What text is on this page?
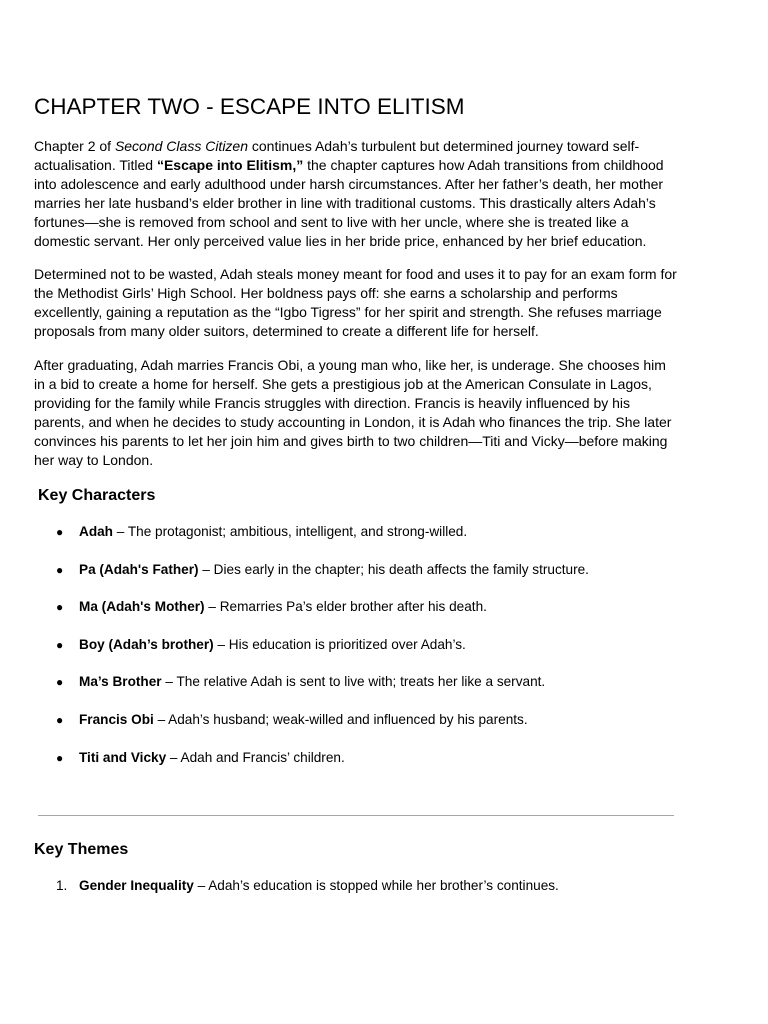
CHAPTER TWO - ESCAPE INTO ELITISM

Chapter 2 of Second Class Citizen continues Adah’s turbulent but determined journey toward self-actualisation. Titled “Escape into Elitism,” the chapter captures how Adah transitions from childhood into adolescence and early adulthood under harsh circumstances. After her father’s death, her mother marries her late husband’s elder brother in line with traditional customs. This drastically alters Adah’s fortunes—she is removed from school and sent to live with her uncle, where she is treated like a domestic servant. Her only perceived value lies in her bride price, enhanced by her brief education.

Determined not to be wasted, Adah steals money meant for food and uses it to pay for an exam form for the Methodist Girls’ High School. Her boldness pays off: she earns a scholarship and performs excellently, gaining a reputation as the “Igbo Tigress” for her spirit and strength. She refuses marriage proposals from many older suitors, determined to create a different life for herself.

After graduating, Adah marries Francis Obi, a young man who, like her, is underage. She chooses him in a bid to create a home for herself. She gets a prestigious job at the American Consulate in Lagos, providing for the family while Francis struggles with direction. Francis is heavily influenced by his parents, and when he decides to study accounting in London, it is Adah who finances the trip. She later convinces his parents to let her join him and gives birth to two children—Titi and Vicky—before making her way to London.

Key Characters
● Adah – The protagonist; ambitious, intelligent, and strong-willed.
● Pa (Adah's Father) – Dies early in the chapter; his death affects the family structure.
● Ma (Adah's Mother) – Remarries Pa’s elder brother after his death.
● Boy (Adah’s brother) – His education is prioritized over Adah’s.
● Ma’s Brother – The relative Adah is sent to live with; treats her like a servant.
● Francis Obi – Adah’s husband; weak-willed and influenced by his parents.
● Titi and Vicky – Adah and Francis’ children.
Key Themes
1. Gender Inequality – Adah’s education is stopped while her brother’s continues.
